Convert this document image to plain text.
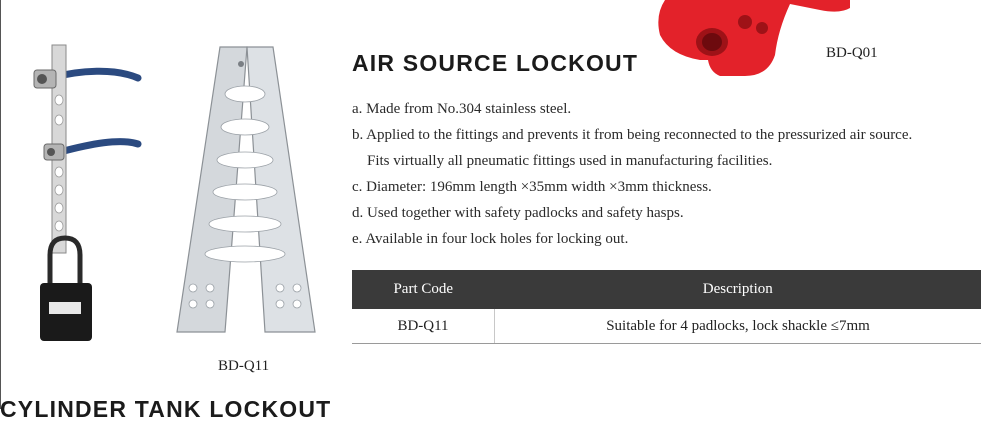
BD-Q11
BD-Q01
AIR SOURCE LOCKOUT
a. Made from No.304 stainless steel.
b. Applied to the fittings and prevents it from being reconnected to the pressurized air source.
Fits virtually all pneumatic fittings used in manufacturing facilities.
c. Diameter: 196mm length ×35mm width ×3mm thickness.
d. Used together with safety padlocks and safety hasps.
e. Available in four lock holes for locking out.
Part Code	Description
BD-Q11	Suitable for 4 padlocks, lock shackle ≤7mm
CYLINDER TANK LOCKOUT
